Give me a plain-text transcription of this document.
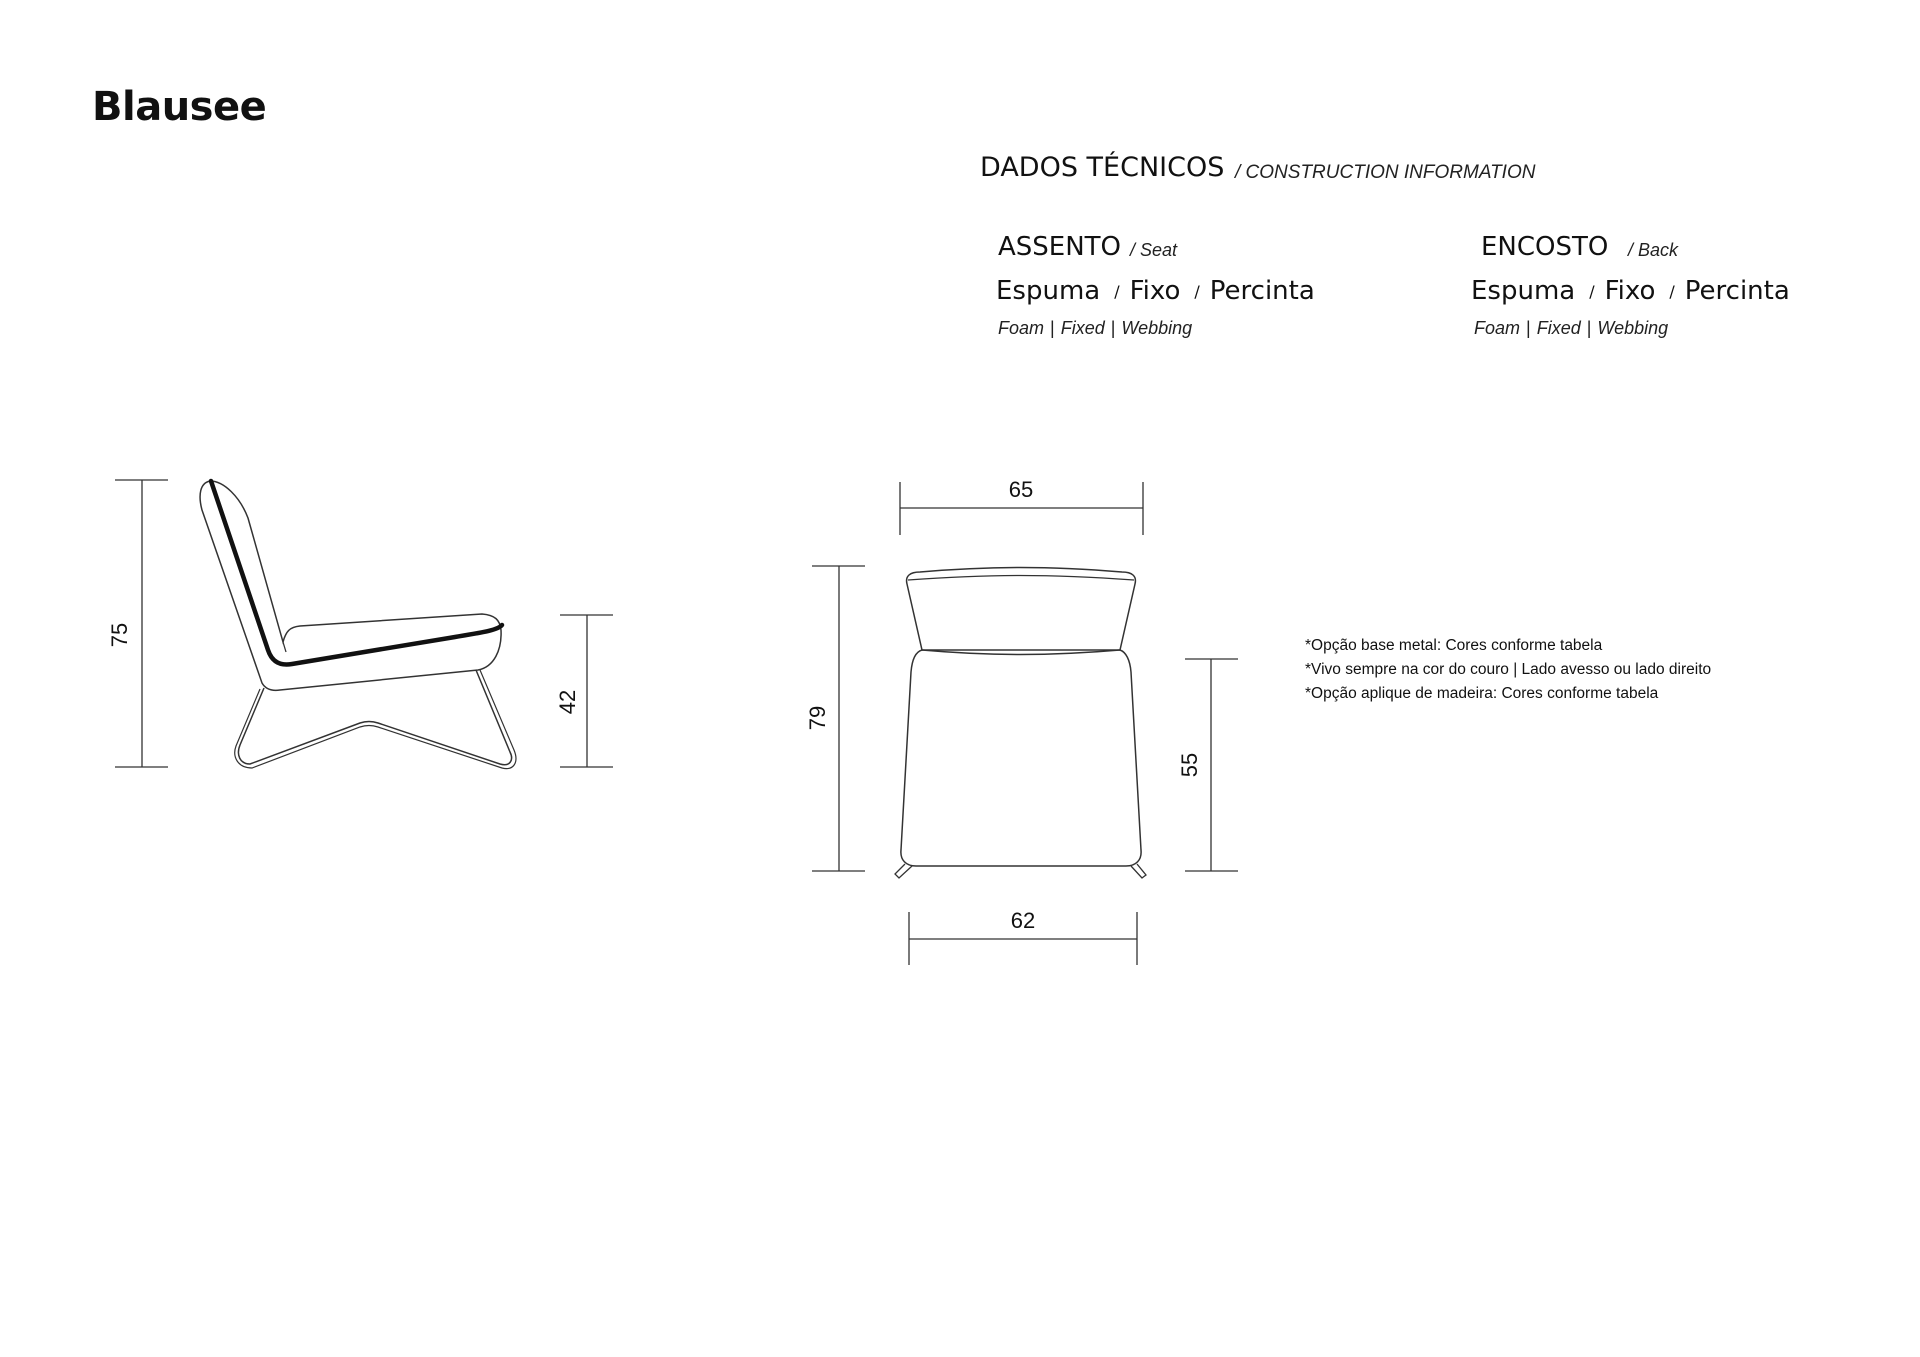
Blausee
DADOS TÉCNICOS / CONSTRUCTION INFORMATION
ASSENTO / Seat
Espuma / Fixo / Percinta
Foam | Fixed | Webbing
ENCOSTO / Back
Espuma / Fixo / Percinta
Foam | Fixed | Webbing
*Opção base metal: Cores conforme tabela
*Vivo sempre na cor do couro | Lado avesso ou lado direito
*Opção aplique de madeira: Cores conforme tabela
75
42
65
79
55
62
